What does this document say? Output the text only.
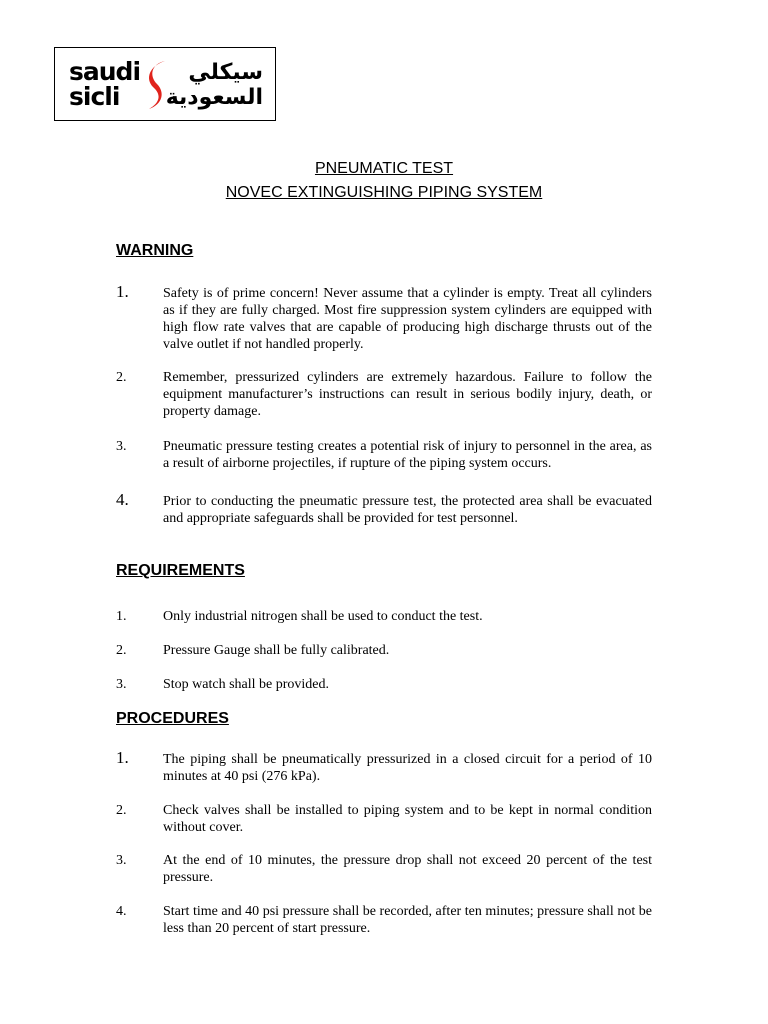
saudi
sicli
سيكلي
السعودية
PNEUMATIC TEST
NOVEC EXTINGUISHING PIPING SYSTEM
WARNING
1.	Safety is of prime concern! Never assume that a cylinder is empty. Treat all cylinders as if they are fully charged. Most fire suppression system cylinders are equipped with high flow rate valves that are capable of producing high discharge thrusts out of the valve outlet if not handled properly.
2.	Remember, pressurized cylinders are extremely hazardous. Failure to follow the equipment manufacturer’s instructions can result in serious bodily injury, death, or property damage.
3.	Pneumatic pressure testing creates a potential risk of injury to personnel in the area, as a result of airborne projectiles, if rupture of the piping system occurs.
4.	Prior to conducting the pneumatic pressure test, the protected area shall be evacuated and appropriate safeguards shall be provided for test personnel.
REQUIREMENTS
1.	Only industrial nitrogen shall be used to conduct the test.
2.	Pressure Gauge shall be fully calibrated.
3.	Stop watch shall be provided.
PROCEDURES
1.	The piping shall be pneumatically pressurized in a closed circuit for a period of 10 minutes at 40 psi (276 kPa).
2.	Check valves shall be installed to piping system and to be kept in normal condition without cover.
3.	At the end of 10 minutes, the pressure drop shall not exceed 20 percent of the test pressure.
4.	Start time and 40 psi pressure shall be recorded, after ten minutes; pressure shall not be less than 20 percent of start pressure.
